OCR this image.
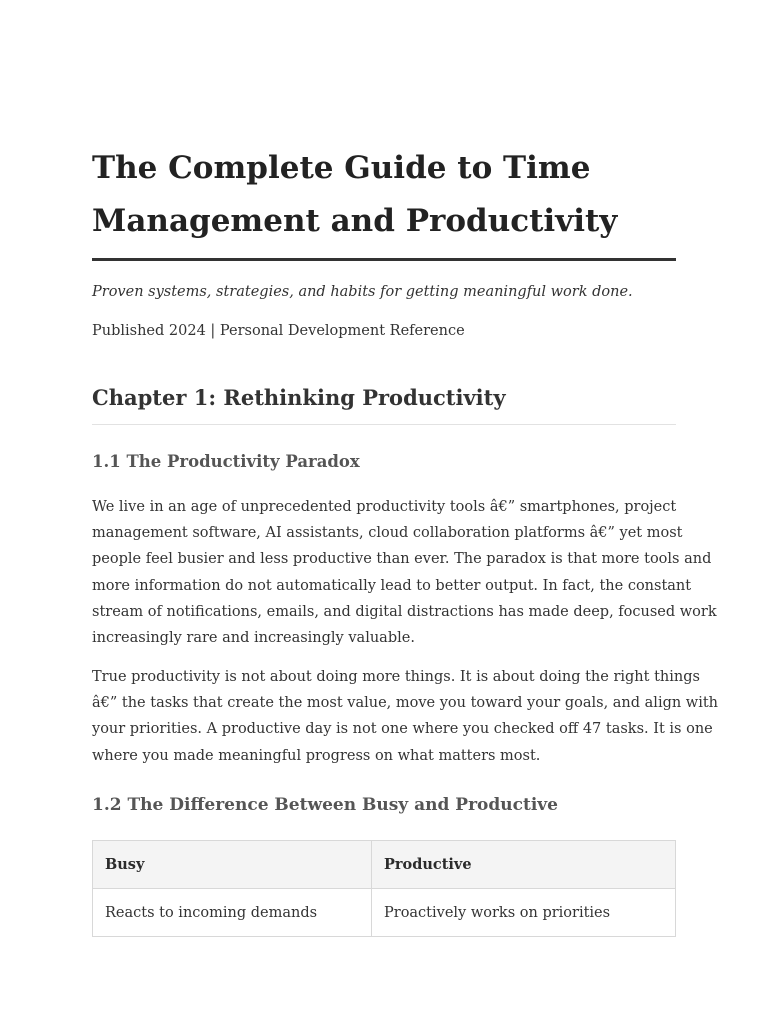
The Complete Guide to Time
Management and Productivity

Proven systems, strategies, and habits for getting meaningful work done.

Published 2024 | Personal Development Reference

Chapter 1: Rethinking Productivity
1.1 The Productivity Paradox

We live in an age of unprecedented productivity tools â€” smartphones, project
management software, AI assistants, cloud collaboration platforms â€” yet most
people feel busier and less productive than ever. The paradox is that more tools and
more information do not automatically lead to better output. In fact, the constant
stream of notifications, emails, and digital distractions has made deep, focused work
increasingly rare and increasingly valuable.

True productivity is not about doing more things. It is about doing the right things
â€” the tasks that create the most value, move you toward your goals, and align with
your priorities. A productive day is not one where you checked off 47 tasks. It is one
where you made meaningful progress on what matters most.

1.2 The Difference Between Busy and Productive
Busy	Productive
Reacts to incoming demands	Proactively works on priorities
